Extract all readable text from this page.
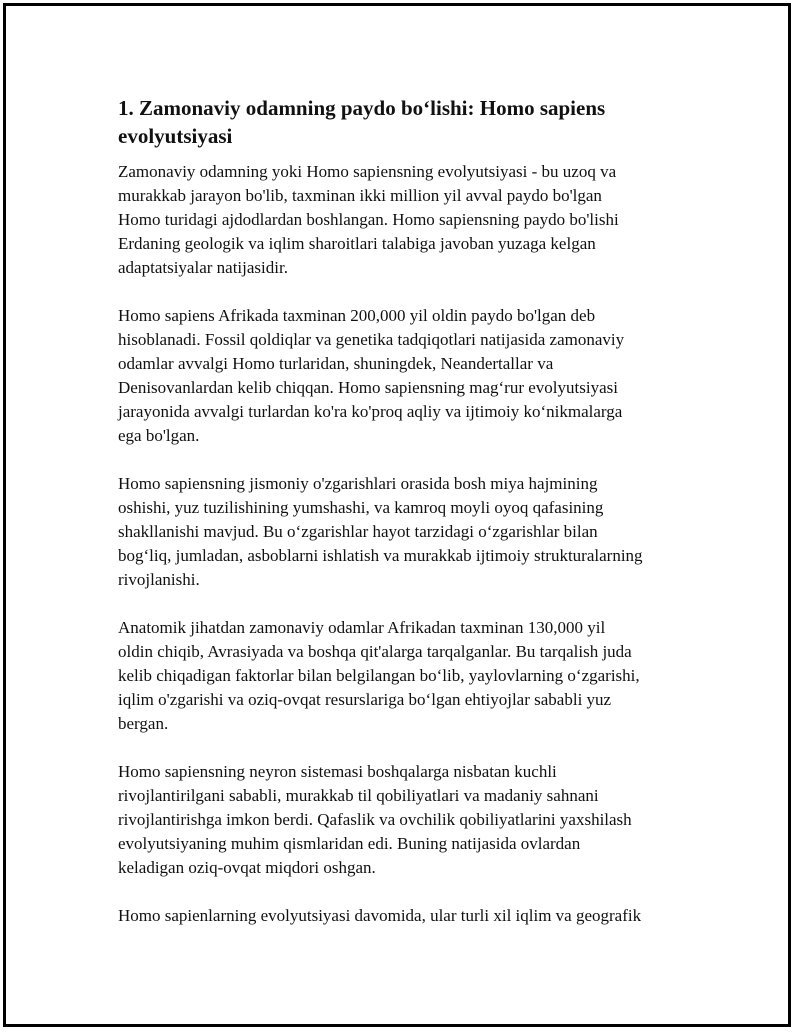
1. Zamonaviy odamning paydo bo‘lishi: Homo sapiens
evolyutsiyasi
Zamonaviy odamning yoki Homo sapiensning evolyutsiyasi - bu uzoq va
murakkab jarayon bo'lib, taxminan ikki million yil avval paydo bo'lgan
Homo turidagi ajdodlardan boshlangan. Homo sapiensning paydo bo'lishi
Erdaning geologik va iqlim sharoitlari talabiga javoban yuzaga kelgan
adaptatsiyalar natijasidir.
Homo sapiens Afrikada taxminan 200,000 yil oldin paydo bo'lgan deb
hisoblanadi. Fossil qoldiqlar va genetika tadqiqotlari natijasida zamonaviy
odamlar avvalgi Homo turlaridan, shuningdek, Neandertallar va
Denisovanlardan kelib chiqqan. Homo sapiensning mag‘rur evolyutsiyasi
jarayonida avvalgi turlardan ko'ra ko'proq aqliy va ijtimoiy ko‘nikmalarga
ega bo'lgan.
Homo sapiensning jismoniy o'zgarishlari orasida bosh miya hajmining
oshishi, yuz tuzilishining yumshashi, va kamroq moyli oyoq qafasining
shakllanishi mavjud. Bu o‘zgarishlar hayot tarzidagi o‘zgarishlar bilan
bog‘liq, jumladan, asboblarni ishlatish va murakkab ijtimoiy strukturalarning
rivojlanishi.
Anatomik jihatdan zamonaviy odamlar Afrikadan taxminan 130,000 yil
oldin chiqib, Avrasiyada va boshqa qit'alarga tarqalganlar. Bu tarqalish juda
kelib chiqadigan faktorlar bilan belgilangan bo‘lib, yaylovlarning o‘zgarishi,
iqlim o'zgarishi va oziq-ovqat resurslariga bo‘lgan ehtiyojlar sababli yuz
bergan.
Homo sapiensning neyron sistemasi boshqalarga nisbatan kuchli
rivojlantirilgani sababli, murakkab til qobiliyatlari va madaniy sahnani
rivojlantirishga imkon berdi. Qafaslik va ovchilik qobiliyatlarini yaxshilash
evolyutsiyaning muhim qismlaridan edi. Buning natijasida ovlardan
keladigan oziq-ovqat miqdori oshgan.
Homo sapienlarning evolyutsiyasi davomida, ular turli xil iqlim va geografik
